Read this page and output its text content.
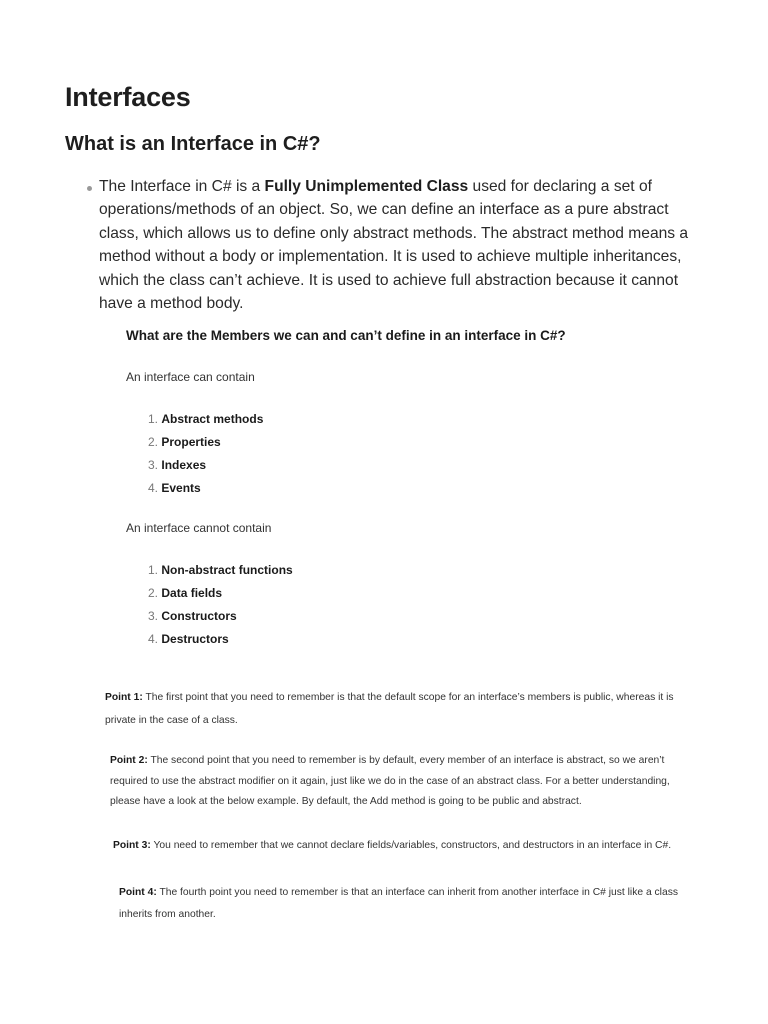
Interfaces
What is an Interface in C#?

The Interface in C# is a Fully Unimplemented Class used for declaring a set of operations/methods of an object. So, we can define an interface as a pure abstract class, which allows us to define only abstract methods. The abstract method means a method without a body or implementation. It is used to achieve multiple inheritances, which the class can’t achieve. It is used to achieve full abstraction because it cannot have a method body.

What are the Members we can and can’t define in an interface in C#?

An interface can contain

1. Abstract methods
2. Properties
3. Indexes
4. Events

An interface cannot contain

1. Non-abstract functions
2. Data fields
3. Constructors
4. Destructors

Point 1: The first point that you need to remember is that the default scope for an interface’s members is public, whereas it is
private in the case of a class.

Point 2: The second point that you need to remember is by default, every member of an interface is abstract, so we aren’t
required to use the abstract modifier on it again, just like we do in the case of an abstract class. For a better understanding,
please have a look at the below example. By default, the Add method is going to be public and abstract.

Point 3: You need to remember that we cannot declare fields/variables, constructors, and destructors in an interface in C#.

Point 4: The fourth point you need to remember is that an interface can inherit from another interface in C# just like a class
inherits from another.
